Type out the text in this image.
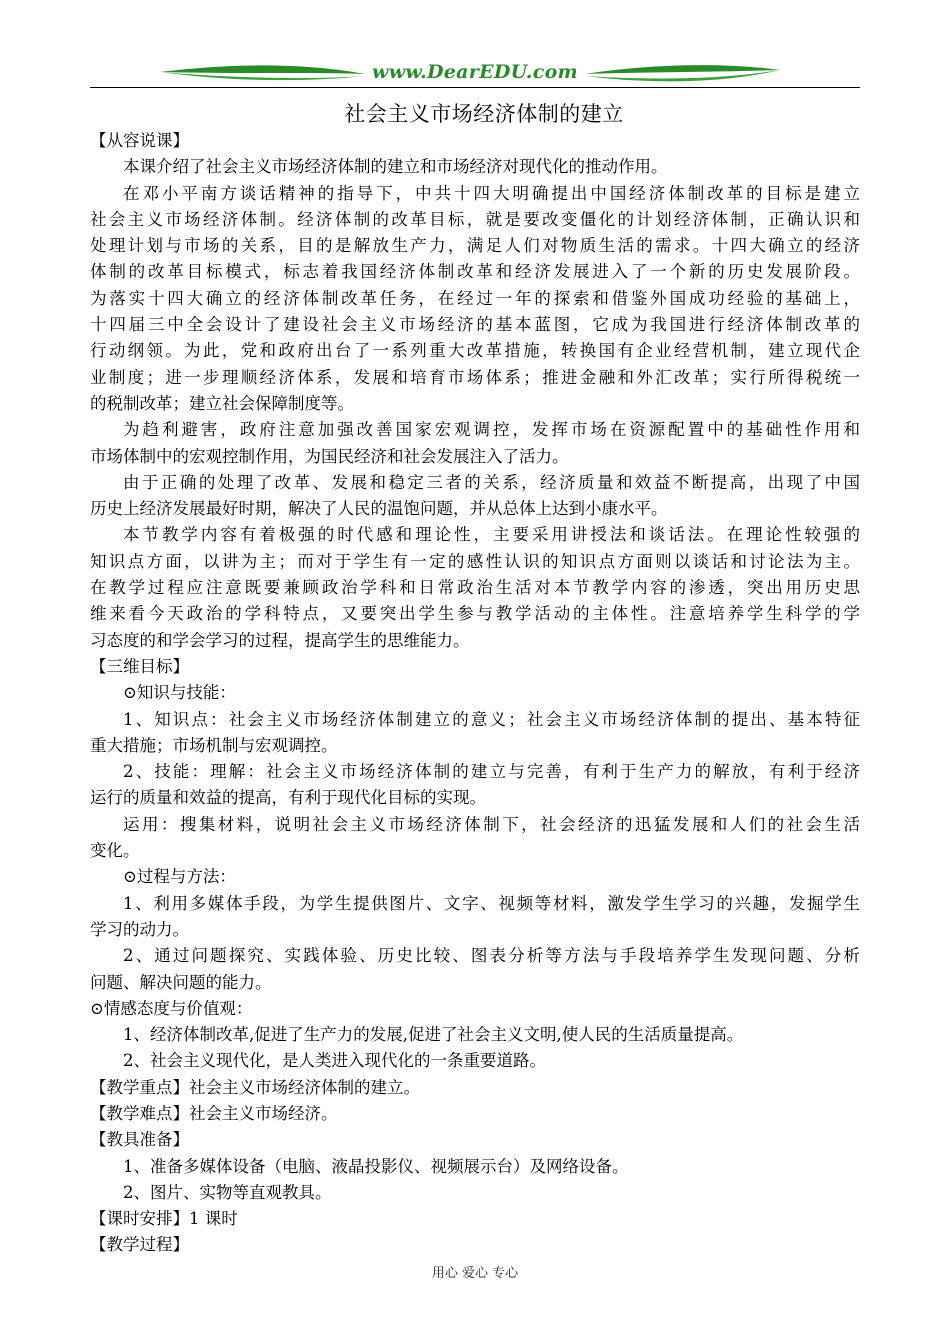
www.DearEDU.com
社会主义市场经济体制的建立
【从容说课】
本课介绍了社会主义市场经济体制的建立和市场经济对现代化的推动作用。
在邓小平南方谈话精神的指导下，中共十四大明确提出中国经济体制改革的目标是建立
社会主义市场经济体制。经济体制的改革目标，就是要改变僵化的计划经济体制，正确认识和
处理计划与市场的关系，目的是解放生产力，满足人们对物质生活的需求。十四大确立的经济
体制的改革目标模式，标志着我国经济体制改革和经济发展进入了一个新的历史发展阶段。
为落实十四大确立的经济体制改革任务，在经过一年的探索和借鉴外国成功经验的基础上，
十四届三中全会设计了建设社会主义市场经济的基本蓝图，它成为我国进行经济体制改革的
行动纲领。为此，党和政府出台了一系列重大改革措施，转换国有企业经营机制，建立现代企
业制度；进一步理顺经济体系，发展和培育市场体系；推进金融和外汇改革；实行所得税统一
的税制改革；建立社会保障制度等。
为趋利避害，政府注意加强改善国家宏观调控，发挥市场在资源配置中的基础性作用和
市场体制中的宏观控制作用，为国民经济和社会发展注入了活力。
由于正确的处理了改革、发展和稳定三者的关系，经济质量和效益不断提高，出现了中国
历史上经济发展最好时期，解决了人民的温饱问题，并从总体上达到小康水平。
本节教学内容有着极强的时代感和理论性，主要采用讲授法和谈话法。在理论性较强的
知识点方面，以讲为主；而对于学生有一定的感性认识的知识点方面则以谈话和讨论法为主。
在教学过程应注意既要兼顾政治学科和日常政治生活对本节教学内容的渗透，突出用历史思
维来看今天政治的学科特点，又要突出学生参与教学活动的主体性。注意培养学生科学的学
习态度的和学会学习的过程，提高学生的思维能力。
【三维目标】
⊙知识与技能：
1、知识点：社会主义市场经济体制建立的意义；社会主义市场经济体制的提出、基本特征
重大措施；市场机制与宏观调控。
2、技能：理解：社会主义市场经济体制的建立与完善，有利于生产力的解放，有利于经济
运行的质量和效益的提高，有利于现代化目标的实现。
运用：搜集材料，说明社会主义市场经济体制下，社会经济的迅猛发展和人们的社会生活
变化。
⊙过程与方法：
1、利用多媒体手段，为学生提供图片、文字、视频等材料，激发学生学习的兴趣，发掘学生
学习的动力。
2、通过问题探究、实践体验、历史比较、图表分析等方法与手段培养学生发现问题、分析
问题、解决问题的能力。
⊙情感态度与价值观：
1、经济体制改革,促进了生产力的发展,促进了社会主义文明,使人民的生活质量提高。
2、社会主义现代化，是人类进入现代化的一条重要道路。
【教学重点】社会主义市场经济体制的建立。
【教学难点】社会主义市场经济。
【教具准备】
1、准备多媒体设备（电脑、液晶投影仪、视频展示台）及网络设备。
2、图片、实物等直观教具。
【课时安排】1 课时
【教学过程】
用心 爱心 专心
